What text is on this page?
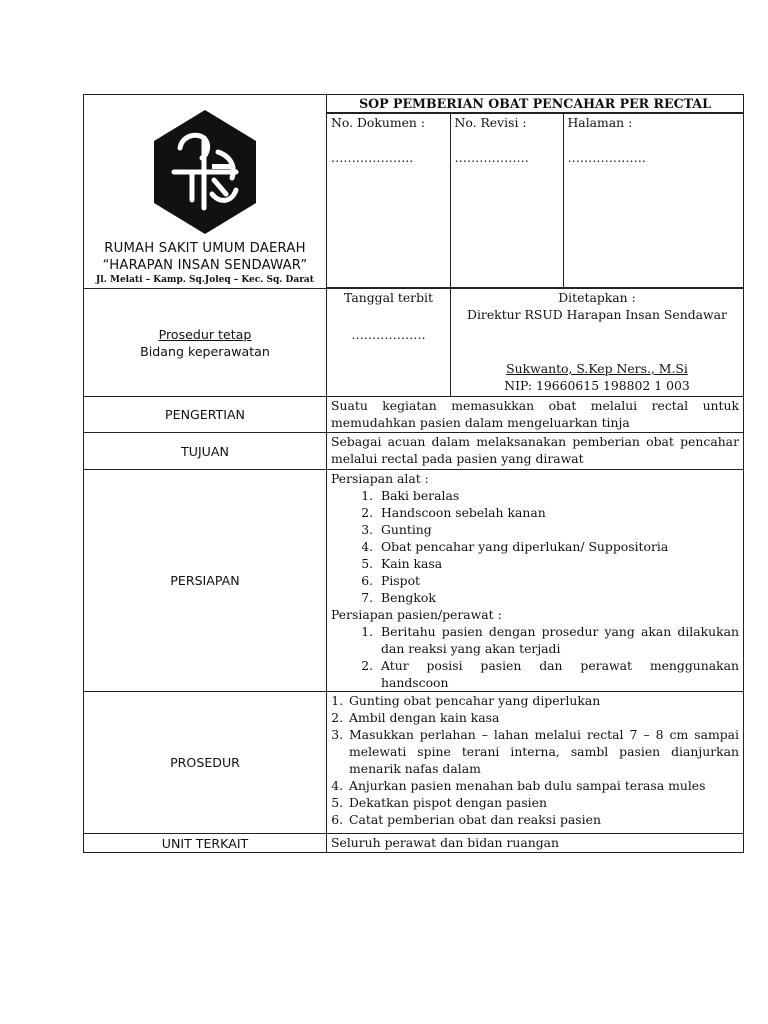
RUMAH SAKIT UMUM DAERAH
“HARAPAN INSAN SENDAWAR”
Jl. Melati – Kamp. Sq.Joleq – Kec. Sq. Darat
	SOP PEMBERIAN OBAT PENCAHAR PER RECTAL

No. Dokumen :
………………..

No. Revisi :
………………

Halaman :
……………….

Prosedur tetap
Bidang keperawatan

Tanggal terbit
………………

Ditetapkan :
Direktur RSUD Harapan Insan Sendawar
Sukwanto, S.Kep Ners., M.Si
NIP: 19660615 198802 1 003

PENGERTIAN	Suatu kegiatan memasukkan obat melalui rectal untuk memudahkan pasien dalam mengeluarkan tinja
TUJUAN	Sebagai acuan dalam melaksanakan pemberian obat pencahar melalui rectal pada pasien yang dirawat
PERSIAPAN	
Persiapan alat :
1. Baki beralas
2. Handscoon sebelah kanan
3. Gunting
4. Obat pencahar yang diperlukan/ Suppositoria
5. Kain kasa
6. Pispot
7. Bengkok
Persiapan pasien/perawat :
1. Beritahu pasien dengan prosedur yang akan dilakukan dan reaksi yang akan terjadi
2. Atur posisi pasien dan perawat menggunakan handscoon

PROSEDUR	
1. Gunting obat pencahar yang diperlukan
2. Ambil dengan kain kasa
3. Masukkan perlahan – lahan melalui rectal 7 – 8 cm sampai melewati spine terani interna, sambl pasien dianjurkan menarik nafas dalam
4. Anjurkan pasien menahan bab dulu sampai terasa mules
5. Dekatkan pispot dengan pasien
6. Catat pemberian obat dan reaksi pasien

UNIT TERKAIT	Seluruh perawat dan bidan ruangan
